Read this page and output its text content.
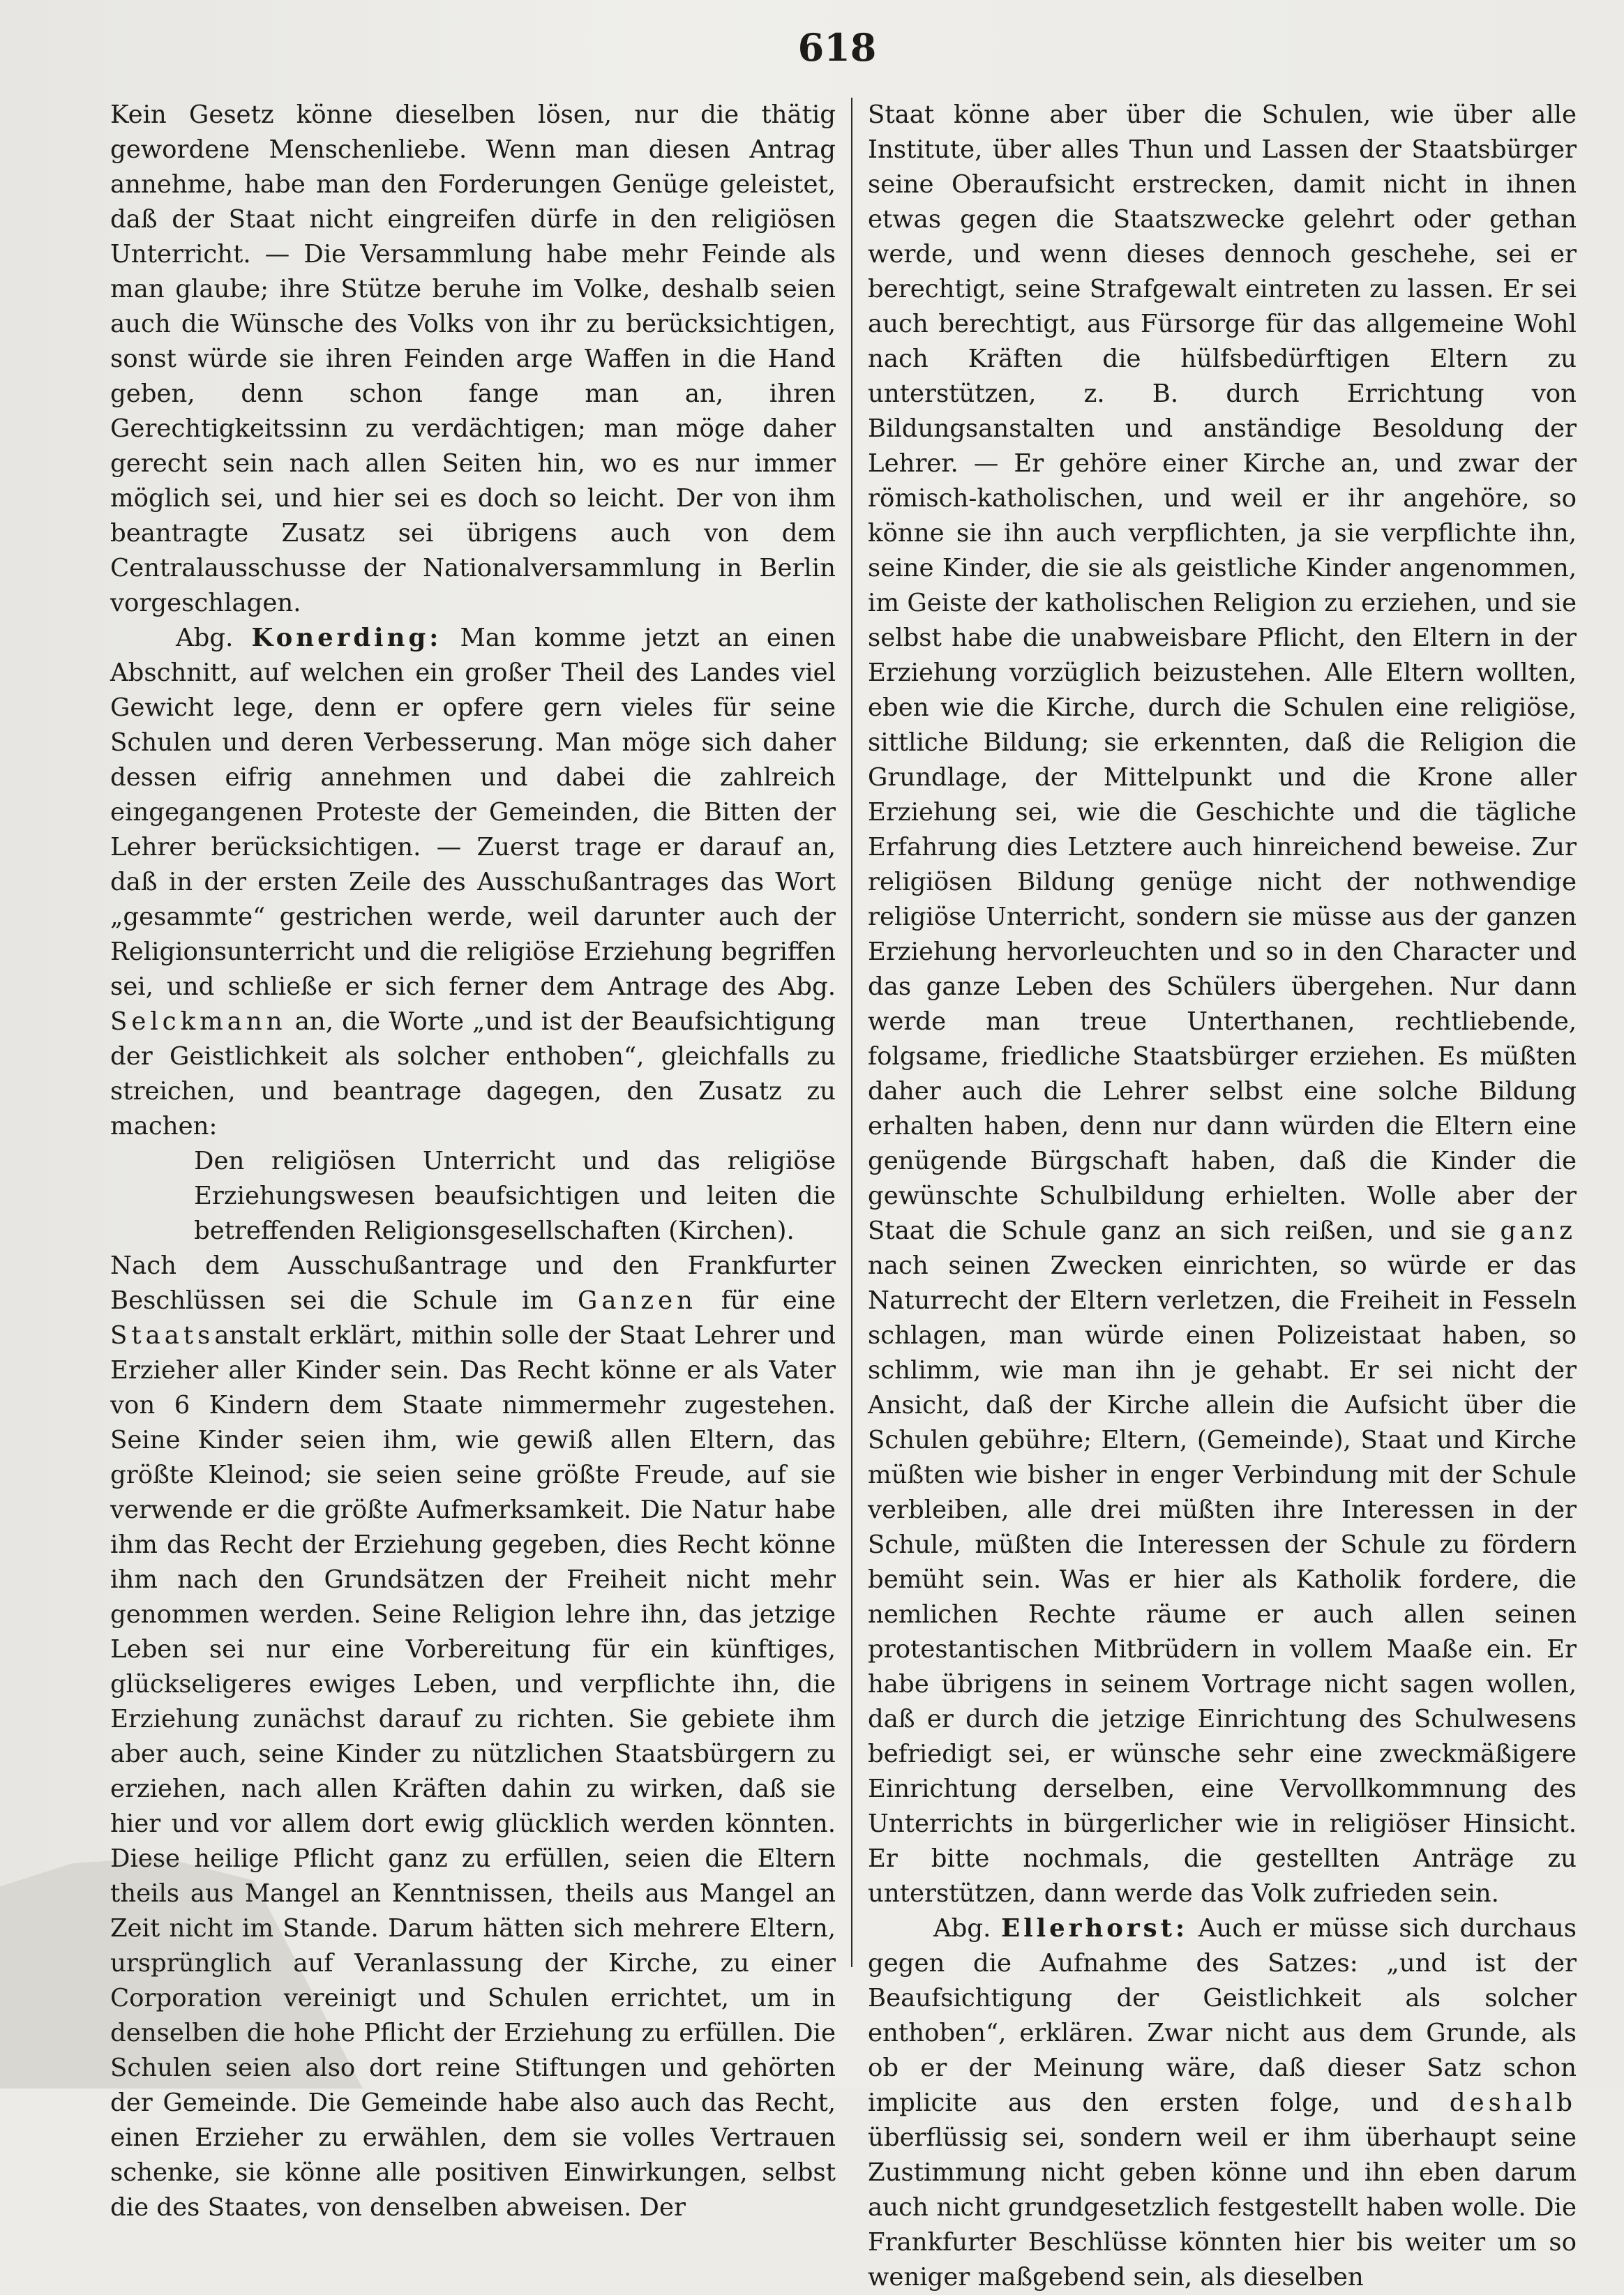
618

Kein Gesetz könne dieselben lösen, nur die thätig gewordene Menschenliebe. Wenn man diesen Antrag annehme, habe man den Forderungen Genüge geleistet, daß der Staat nicht eingreifen dürfe in den religiösen Unterricht. — Die Versammlung habe mehr Feinde als man glaube; ihre Stütze beruhe im Volke, deshalb seien auch die Wünsche des Volks von ihr zu berücksichtigen, sonst würde sie ihren Feinden arge Waffen in die Hand geben, denn schon fange man an, ihren Gerechtigkeitssinn zu verdächtigen; man möge daher gerecht sein nach allen Seiten hin, wo es nur immer möglich sei, und hier sei es doch so leicht. Der von ihm beantragte Zusatz sei übrigens auch von dem Centralausschusse der Nationalversammlung in Berlin vorgeschlagen.

Abg. Konerding: Man komme jetzt an einen Abschnitt, auf welchen ein großer Theil des Landes viel Gewicht lege, denn er opfere gern vieles für seine Schulen und deren Verbesserung. Man möge sich daher dessen eifrig annehmen und dabei die zahlreich eingegangenen Proteste der Gemeinden, die Bitten der Lehrer berücksichtigen. — Zuerst trage er darauf an, daß in der ersten Zeile des Ausschußantrages das Wort „gesammte“ gestrichen werde, weil darunter auch der Religionsunterricht und die religiöse Erziehung begriffen sei, und schließe er sich ferner dem Antrage des Abg. Selckmann an, die Worte „und ist der Beaufsichtigung der Geistlichkeit als solcher enthoben“, gleichfalls zu streichen, und beantrage dagegen, den Zusatz zu machen:

Den religiösen Unterricht und das religiöse Erziehungswesen beaufsichtigen und leiten die betreffenden Religionsgesellschaften (Kirchen).

Nach dem Ausschußantrage und den Frankfurter Beschlüssen sei die Schule im Ganzen für eine Staatsanstalt erklärt, mithin solle der Staat Lehrer und Erzieher aller Kinder sein. Das Recht könne er als Vater von 6 Kindern dem Staate nimmermehr zugestehen. Seine Kinder seien ihm, wie gewiß allen Eltern, das größte Kleinod; sie seien seine größte Freude, auf sie verwende er die größte Aufmerksamkeit. Die Natur habe ihm das Recht der Erziehung gegeben, dies Recht könne ihm nach den Grundsätzen der Freiheit nicht mehr genommen werden. Seine Religion lehre ihn, das jetzige Leben sei nur eine Vorbereitung für ein künftiges, glückseligeres ewiges Leben, und verpflichte ihn, die Erziehung zunächst darauf zu richten. Sie gebiete ihm aber auch, seine Kinder zu nützlichen Staatsbürgern zu erziehen, nach allen Kräften dahin zu wirken, daß sie hier und vor allem dort ewig glücklich werden könnten. Diese heilige Pflicht ganz zu erfüllen, seien die Eltern theils aus Mangel an Kenntnissen, theils aus Mangel an Zeit nicht im Stande. Darum hätten sich mehrere Eltern, ursprünglich auf Veranlassung der Kirche, zu einer Corporation vereinigt und Schulen errichtet, um in denselben die hohe Pflicht der Erziehung zu erfüllen. Die Schulen seien also dort reine Stiftungen und gehörten der Gemeinde. Die Gemeinde habe also auch das Recht, einen Erzieher zu erwählen, dem sie volles Vertrauen schenke, sie könne alle positiven Einwirkungen, selbst die des Staates, von denselben abweisen. Der

Staat könne aber über die Schulen, wie über alle Institute, über alles Thun und Lassen der Staatsbürger seine Oberaufsicht erstrecken, damit nicht in ihnen etwas gegen die Staatszwecke gelehrt oder gethan werde, und wenn dieses dennoch geschehe, sei er berechtigt, seine Strafgewalt eintreten zu lassen. Er sei auch berechtigt, aus Fürsorge für das allgemeine Wohl nach Kräften die hülfsbedürftigen Eltern zu unterstützen, z. B. durch Errichtung von Bildungsanstalten und anständige Besoldung der Lehrer. — Er gehöre einer Kirche an, und zwar der römisch-katholischen, und weil er ihr angehöre, so könne sie ihn auch verpflichten, ja sie verpflichte ihn, seine Kinder, die sie als geistliche Kinder angenommen, im Geiste der katholischen Religion zu erziehen, und sie selbst habe die unabweisbare Pflicht, den Eltern in der Erziehung vorzüglich beizustehen. Alle Eltern wollten, eben wie die Kirche, durch die Schulen eine religiöse, sittliche Bildung; sie erkennten, daß die Religion die Grundlage, der Mittelpunkt und die Krone aller Erziehung sei, wie die Geschichte und die tägliche Erfahrung dies Letztere auch hinreichend beweise. Zur religiösen Bildung genüge nicht der nothwendige religiöse Unterricht, sondern sie müsse aus der ganzen Erziehung hervorleuchten und so in den Character und das ganze Leben des Schülers übergehen. Nur dann werde man treue Unterthanen, rechtliebende, folgsame, friedliche Staatsbürger erziehen. Es müßten daher auch die Lehrer selbst eine solche Bildung erhalten haben, denn nur dann würden die Eltern eine genügende Bürgschaft haben, daß die Kinder die gewünschte Schulbildung erhielten. Wolle aber der Staat die Schule ganz an sich reißen, und sie ganz nach seinen Zwecken einrichten, so würde er das Naturrecht der Eltern verletzen, die Freiheit in Fesseln schlagen, man würde einen Polizeistaat haben, so schlimm, wie man ihn je gehabt. Er sei nicht der Ansicht, daß der Kirche allein die Aufsicht über die Schulen gebühre; Eltern, (Gemeinde), Staat und Kirche müßten wie bisher in enger Verbindung mit der Schule verbleiben, alle drei müßten ihre Interessen in der Schule, müßten die Interessen der Schule zu fördern bemüht sein. Was er hier als Katholik fordere, die nemlichen Rechte räume er auch allen seinen protestantischen Mitbrüdern in vollem Maaße ein. Er habe übrigens in seinem Vortrage nicht sagen wollen, daß er durch die jetzige Einrichtung des Schulwesens befriedigt sei, er wünsche sehr eine zweckmäßigere Einrichtung derselben, eine Vervollkommnung des Unterrichts in bürgerlicher wie in religiöser Hinsicht. Er bitte nochmals, die gestellten Anträge zu unterstützen, dann werde das Volk zufrieden sein.

Abg. Ellerhorst: Auch er müsse sich durchaus gegen die Aufnahme des Satzes: „und ist der Beaufsichtigung der Geistlichkeit als solcher enthoben“, erklären. Zwar nicht aus dem Grunde, als ob er der Meinung wäre, daß dieser Satz schon implicite aus den ersten folge, und deshalb überflüssig sei, sondern weil er ihm überhaupt seine Zustimmung nicht geben könne und ihn eben darum auch nicht grundgesetzlich festgestellt haben wolle. Die Frankfurter Beschlüsse könnten hier bis weiter um so weniger maßgebend sein, als dieselben
